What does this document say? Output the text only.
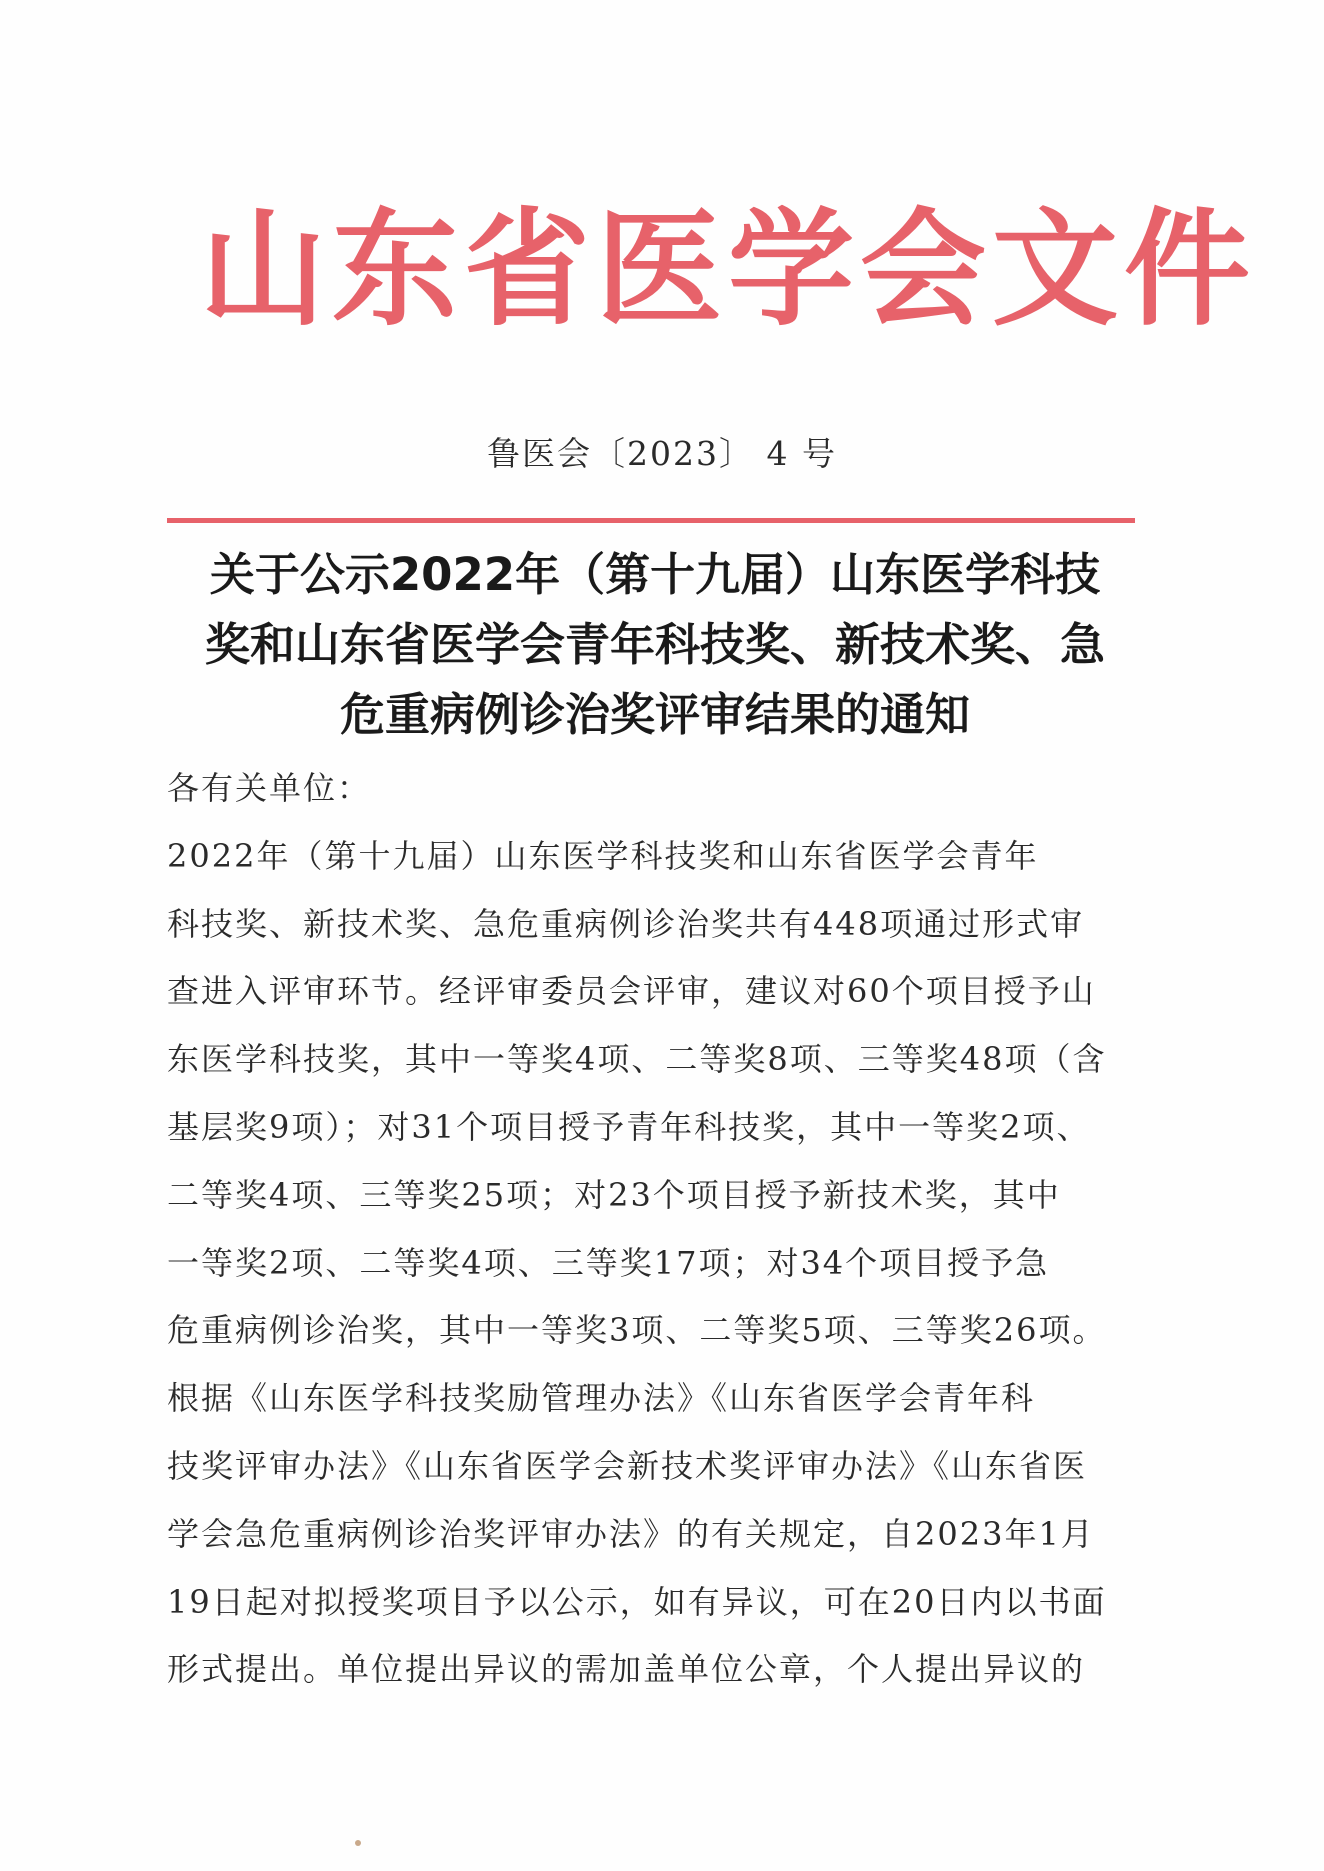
山东省医学会文件
鲁医会〔2023〕 4 号
关于公示2022年（第十九届）山东医学科技
奖和山东省医学会青年科技奖、新技术奖、急
危重病例诊治奖评审结果的通知
各有关单位：
2022年（第十九届）山东医学科技奖和山东省医学会青年
科技奖、新技术奖、急危重病例诊治奖共有448项通过形式审
查进入评审环节。经评审委员会评审，建议对60个项目授予山
东医学科技奖，其中一等奖4项、二等奖8项、三等奖48项（含
基层奖9项）；对31个项目授予青年科技奖，其中一等奖2项、
二等奖4项、三等奖25项；对23个项目授予新技术奖，其中
一等奖2项、二等奖4项、三等奖17项；对34个项目授予急
危重病例诊治奖，其中一等奖3项、二等奖5项、三等奖26项。
根据《山东医学科技奖励管理办法》《山东省医学会青年科
技奖评审办法》《山东省医学会新技术奖评审办法》《山东省医
学会急危重病例诊治奖评审办法》的有关规定，自2023年1月
19日起对拟授奖项目予以公示，如有异议，可在20日内以书面
形式提出。单位提出异议的需加盖单位公章，个人提出异议的
